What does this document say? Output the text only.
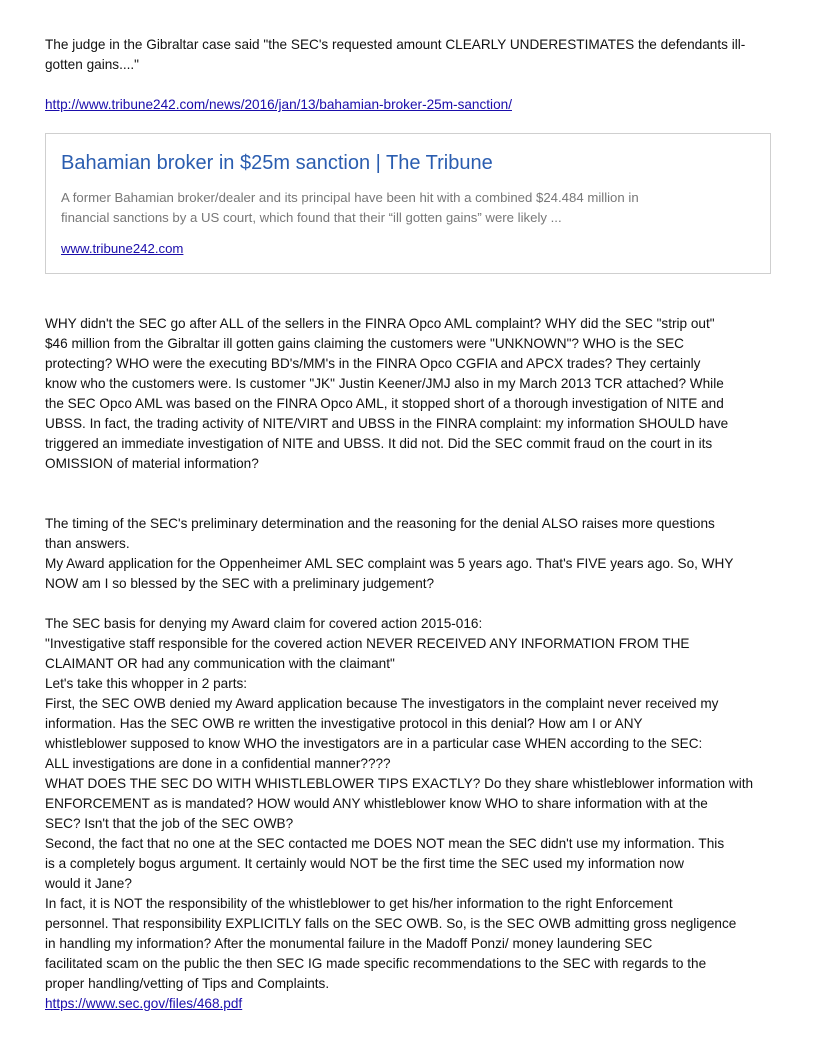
The judge in the Gibraltar case said "the SEC's requested amount CLEARLY UNDERESTIMATES the defendants ill-
gotten gains...."

http://www.tribune242.com/news/2016/jan/13/bahamian-broker-25m-sanction/

Bahamian broker in $25m sanction | The Tribune
A former Bahamian broker/dealer and its principal have been hit with a combined $24.484 million in
financial sanctions by a US court, which found that their “ill gotten gains” were likely ...
www.tribune242.com

WHY didn't the SEC go after ALL of the sellers in the FINRA Opco AML complaint? WHY did the SEC "strip out"
$46 million from the Gibraltar ill gotten gains claiming the customers were "UNKNOWN"? WHO is the SEC
protecting? WHO were the executing BD's/MM's in the FINRA Opco CGFIA and APCX trades? They certainly
know who the customers were. Is customer "JK" Justin Keener/JMJ also in my March 2013 TCR attached? While
the SEC Opco AML was based on the FINRA Opco AML, it stopped short of a thorough investigation of NITE and
UBSS. In fact, the trading activity of NITE/VIRT and UBSS in the FINRA complaint: my information SHOULD have
triggered an immediate investigation of NITE and UBSS. It did not. Did the SEC commit fraud on the court in its
OMISSION of material information?

The timing of the SEC's preliminary determination and the reasoning for the denial ALSO raises more questions
than answers.
My Award application for the Oppenheimer AML SEC complaint was 5 years ago. That's FIVE years ago. So, WHY
NOW am I so blessed by the SEC with a preliminary judgement?

The SEC basis for denying my Award claim for covered action 2015-016:
"Investigative staff responsible for the covered action NEVER RECEIVED ANY INFORMATION FROM THE
CLAIMANT OR had any communication with the claimant"
Let's take this whopper in 2 parts:
First, the SEC OWB denied my Award application because The investigators in the complaint never received my
information. Has the SEC OWB re written the investigative protocol in this denial? How am I or ANY
whistleblower supposed to know WHO the investigators are in a particular case WHEN according to the SEC:
ALL investigations are done in a confidential manner????
WHAT DOES THE SEC DO WITH WHISTLEBLOWER TIPS EXACTLY? Do they share whistleblower information with
ENFORCEMENT as is mandated? HOW would ANY whistleblower know WHO to share information with at the
SEC? Isn't that the job of the SEC OWB?
Second, the fact that no one at the SEC contacted me DOES NOT mean the SEC didn't use my information. This
is a completely bogus argument. It certainly would NOT be the first time the SEC used my information now
would it Jane?
In fact, it is NOT the responsibility of the whistleblower to get his/her information to the right Enforcement
personnel. That responsibility EXPLICITLY falls on the SEC OWB. So, is the SEC OWB admitting gross negligence
in handling my information? After the monumental failure in the Madoff Ponzi/ money laundering SEC
facilitated scam on the public the then SEC IG made specific recommendations to the SEC with regards to the
proper handling/vetting of Tips and Complaints.

https://www.sec.gov/files/468.pdf
